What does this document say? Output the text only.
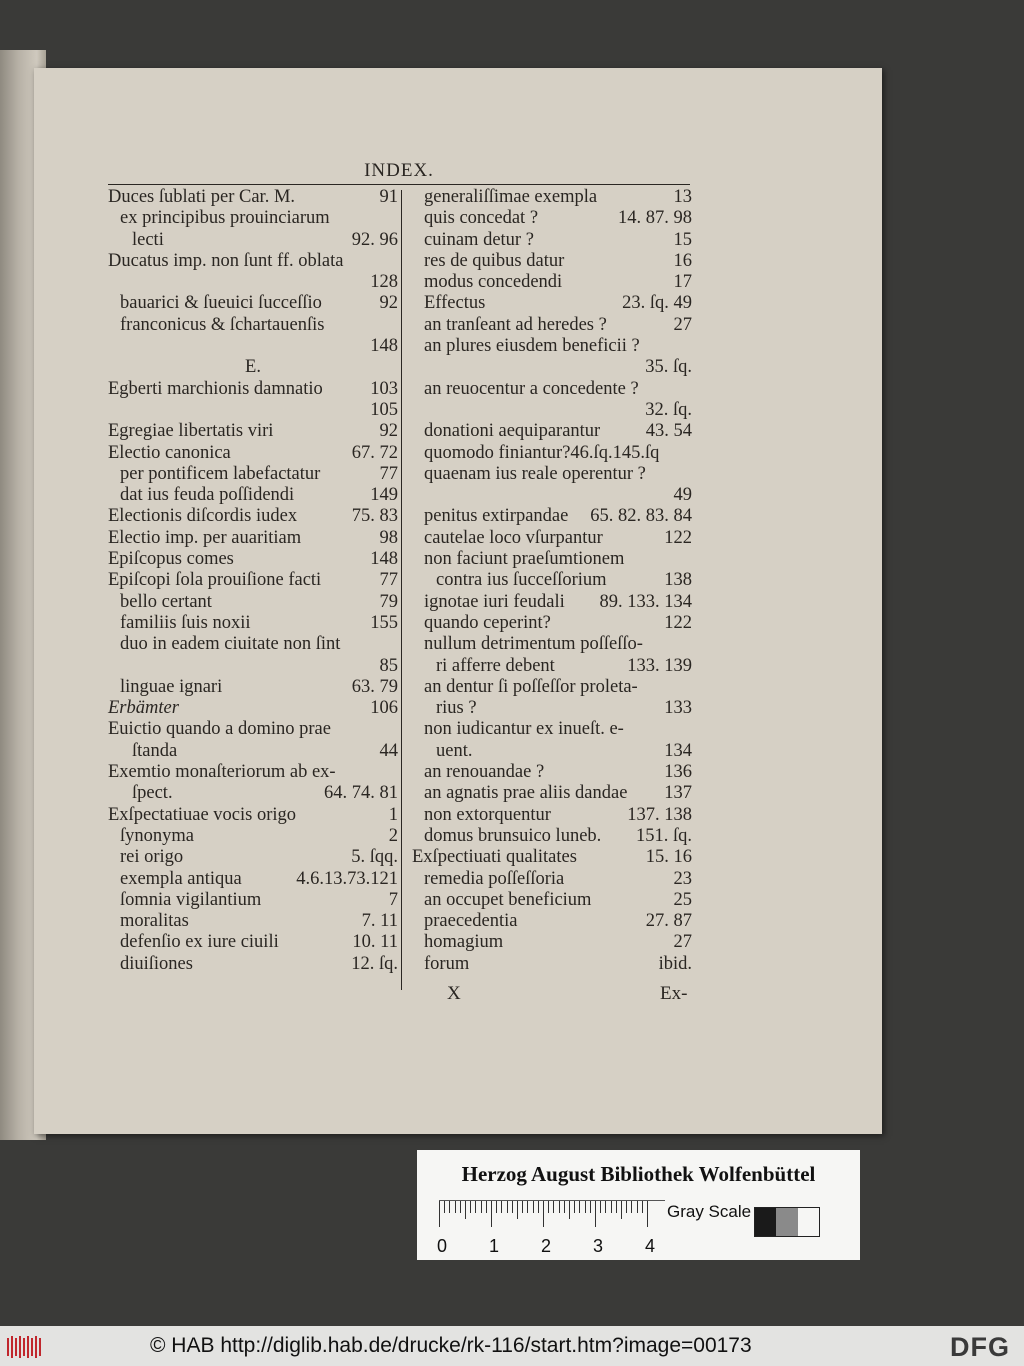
INDEX.
Duces ſublati per Car. M.	91
ex principibus prouinciarum
lecti	92. 96
Ducatus imp. non ſunt ff. oblata
128
bauarici & ſueuici ſucceſſio	92
franconicus & ſchartauenſis
148
E.
Egberti marchionis damnatio	103
105
Egregiae libertatis viri	92
Electio canonica	67. 72
per pontificem labefactatur	77
dat ius feuda poſſidendi	149
Electionis diſcordis iudex	75. 83
Electio imp. per auaritiam	98
Epiſcopus comes	148
Epiſcopi ſola prouiſione facti	77
bello certant	79
familiis ſuis noxii	155
duo in eadem ciuitate non ſint
85
linguae ignari	63. 79
Erbämter	106
Euictio quando a domino prae
ſtanda	44
Exemtio monaſteriorum ab ex-
ſpect.	64. 74. 81
Exſpectatiuae vocis origo	1
ſynonyma	2
rei origo	5. ſqq.
exempla antiqua	4.6.13.73.121
ſomnia vigilantium	7
moralitas	7. 11
defenſio ex iure ciuili	10. 11
diuiſiones	12. ſq.
generaliſſimae exempla	13
quis concedat ?	14. 87. 98
cuinam detur ?	15
res de quibus datur	16
modus concedendi	17
Effectus	23. ſq. 49
an tranſeant ad heredes ?	27
an plures eiusdem beneficii ?
35. ſq.
an reuocentur a concedente ?
32. ſq.
donationi aequiparantur 43. 54
quomodo finiantur?46.ſq.145.ſq
quaenam ius reale operentur ?
49
penitus extirpandae 65. 82. 83. 84
cautelae loco vſurpantur	122
non faciunt praeſumtionem
contra ius ſucceſſorium	138
ignotae iuri feudali 89. 133. 134
quando ceperint?	122
nullum detrimentum poſſeſſo-
ri afferre debent	133. 139
an dentur ſi poſſeſſor proleta-
rius ?	133
non iudicantur ex inueſt. e-
uent.	134
an renouandae ?	136
an agnatis prae aliis dandae 137
non extorquentur	137. 138
domus brunsuico luneb. 151. ſq.
Exſpectiuati qualitates	15. 16
remedia poſſeſſoria	23
an occupet beneficium	25
praecedentia	27. 87
homagium	27
forum	ibid.
X	Ex-
Herzog August Bibliothek Wolfenbüttel
0 1 2 3 4
Gray Scale
© HAB http://diglib.hab.de/drucke/rk-116/start.htm?image=00173	DFG
